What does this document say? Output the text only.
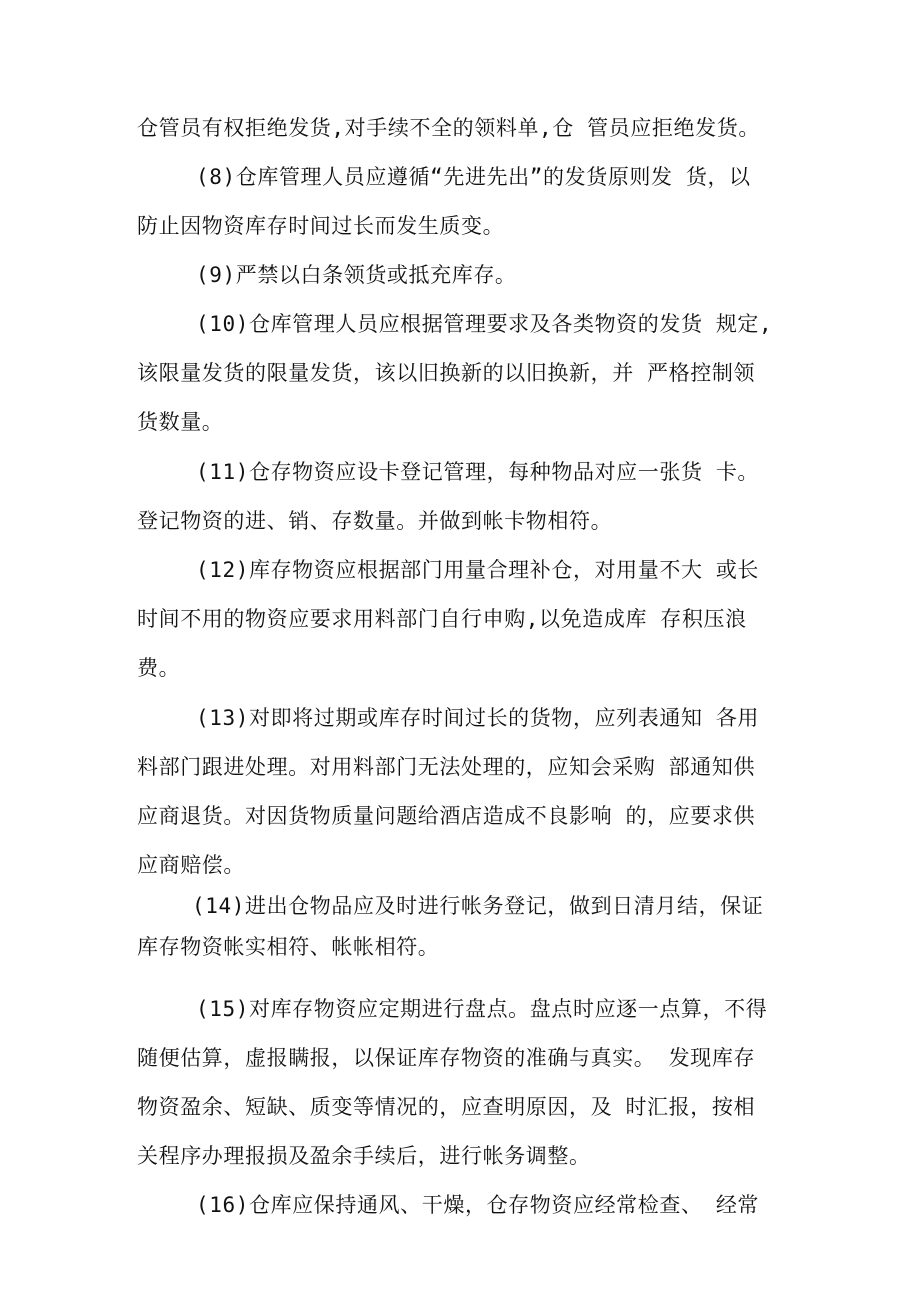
仓管员有权拒绝发货,对手续不全的领料单,仓 管员应拒绝发货。
(8)仓库管理人员应遵循“先进先出”的发货原则发 货，以
防止因物资库存时间过长而发生质变。
(9)严禁以白条领货或抵充库存。
(10)仓库管理人员应根据管理要求及各类物资的发货 规定,
该限量发货的限量发货，该以旧换新的以旧换新，并 严格控制领
货数量。
(11)仓存物资应设卡登记管理，每种物品对应一张货 卡。
登记物资的进、销、存数量。并做到帐卡物相符。
(12)库存物资应根据部门用量合理补仓，对用量不大 或长
时间不用的物资应要求用料部门自行申购,以免造成库 存积压浪
费。
(13)对即将过期或库存时间过长的货物，应列表通知 各用
料部门跟进处理。对用料部门无法处理的，应知会采购 部通知供
应商退货。对因货物质量问题给酒店造成不良影响 的，应要求供
应商赔偿。
(14)进出仓物品应及时进行帐务登记，做到日清月结，保证
库存物资帐实相符、帐帐相符。
(15)对库存物资应定期进行盘点。盘点时应逐一点算，不得
随便估算，虚报瞒报，以保证库存物资的准确与真实。 发现库存
物资盈余、短缺、质变等情况的，应查明原因，及 时汇报，按相
关程序办理报损及盈余手续后，进行帐务调整。
(16)仓库应保持通风、干燥，仓存物资应经常检查、 经常
